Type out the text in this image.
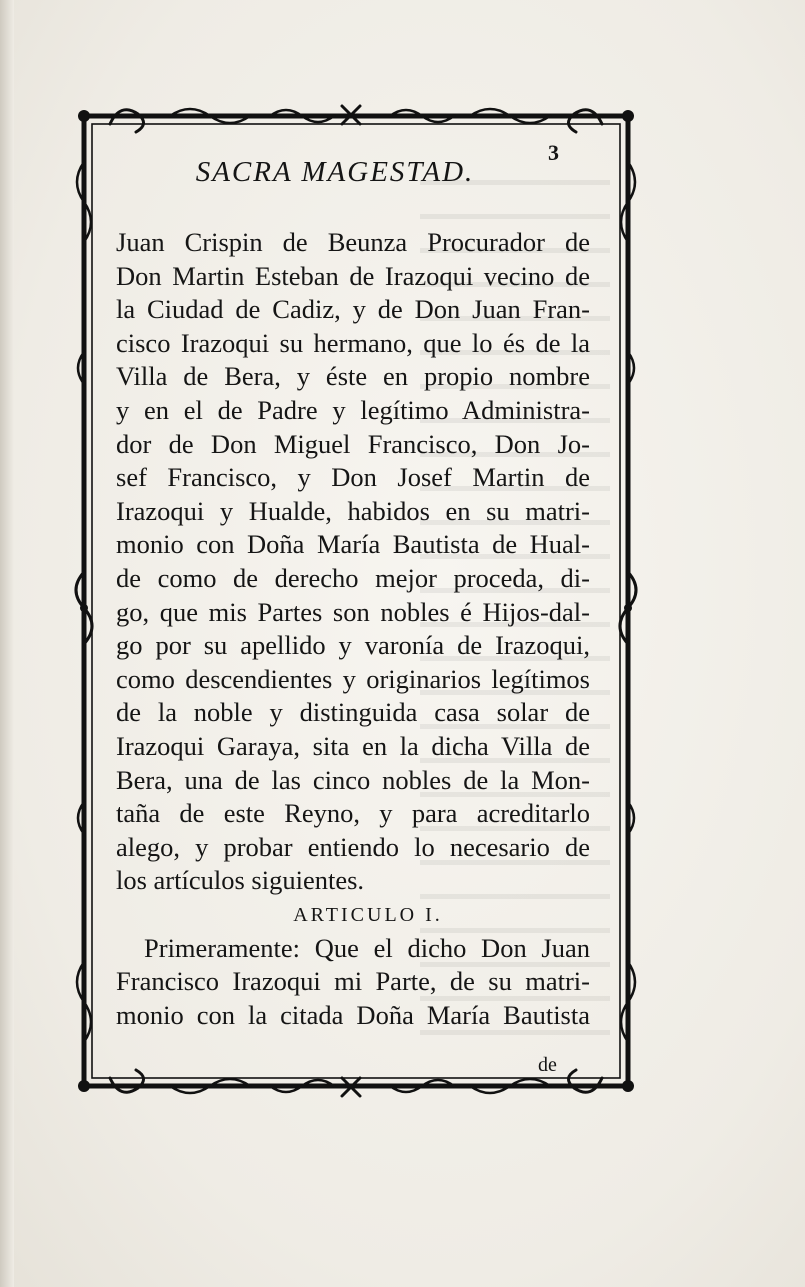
3
SACRA MAGESTAD.
Juan Crispin de Beunza Procurador de
Don Martin Esteban de Irazoqui vecino de
la Ciudad de Cadiz, y de Don Juan Fran-
cisco Irazoqui su hermano, que lo és de la
Villa de Bera, y éste en propio nombre
y en el de Padre y legítimo Administra-
dor de Don Miguel Francisco, Don Jo-
sef Francisco, y Don Josef Martin de
Irazoqui y Hualde, habidos en su matri-
monio con Doña María Bautista de Hual-
de como de derecho mejor proceda, di-
go, que mis Partes son nobles é Hijos-dal-
go por su apellido y varonía de Irazoqui,
como descendientes y originarios legítimos
de la noble y distinguida casa solar de
Irazoqui Garaya, sita en la dicha Villa de
Bera, una de las cinco nobles de la Mon-
taña de este Reyno, y para acreditarlo
alego, y probar entiendo lo necesario de
los artículos siguientes.
ARTICULO I.
Primeramente: Que el dicho Don Juan
Francisco Irazoqui mi Parte, de su matri-
monio con la citada Doña María Bautista
de
